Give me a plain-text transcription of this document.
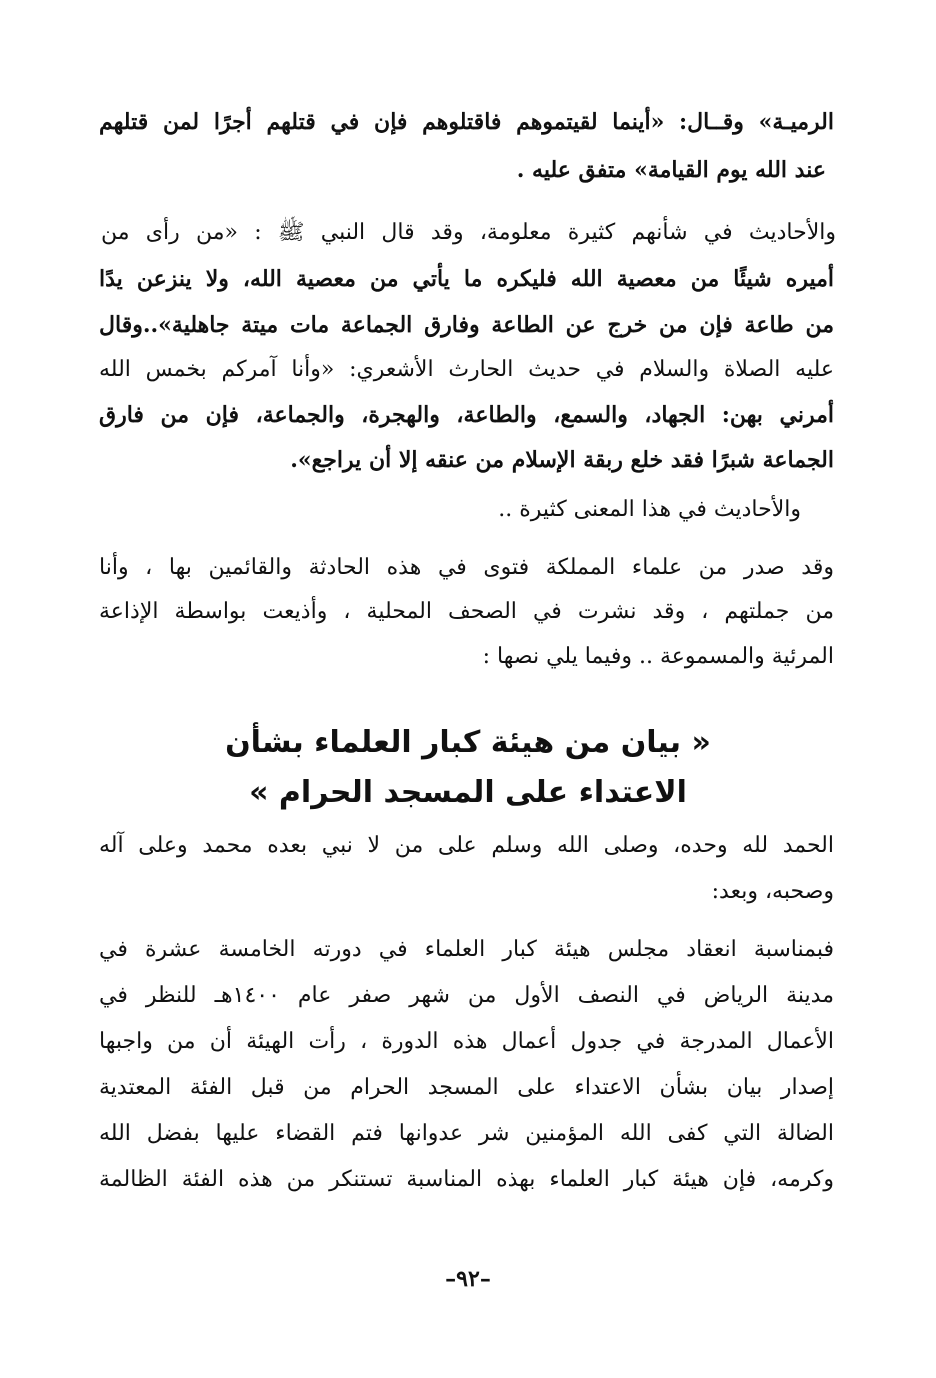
الرميـة» وقــال: «أينما لقيتموهم فاقتلوهم فإن في قتلهم أجرًا لمن قتلهم
عند الله يوم القيامة» متفق عليه .
والأحاديث في شأنهم كثيرة معلومة، وقد قال النبي ﷺ : «من رأى من
أميره شيئًا من معصية الله فليكره ما يأتي من معصية الله، ولا ينزعن يدًا
من طاعة فإن من خرج عن الطاعة وفارق الجماعة مات ميتة جاهلية»..وقال
عليه الصلاة والسلام في حديث الحارث الأشعري: «وأنا آمركم بخمس الله
أمرني بهن: الجهاد، والسمع، والطاعة، والهجرة، والجماعة، فإن من فارق
الجماعة شبرًا فقد خلع ربقة الإسلام من عنقه إلا أن يراجع».
والأحاديث في هذا المعنى كثيرة ..
وقد صدر من علماء المملكة فتوى في هذه الحادثة والقائمين بها ، وأنا
من جملتهم ، وقد نشرت في الصحف المحلية ، وأذيعت بواسطة الإذاعة
المرئية والمسموعة .. وفيما يلي نصها :
« بيان من هيئة كبار العلماء بشأن
الاعتداء على المسجد الحرام »
الحمد لله وحده، وصلى الله وسلم على من لا نبي بعده محمد وعلى آله
وصحبه، وبعد:
فبمناسبة انعقاد مجلس هيئة كبار العلماء في دورته الخامسة عشرة في
مدينة الرياض في النصف الأول من شهر صفر عام ١٤٠٠هـ للنظر في
الأعمال المدرجة في جدول أعمال هذه الدورة ، رأت الهيئة أن من واجبها
إصدار بيان بشأن الاعتداء على المسجد الحرام من قبل الفئة المعتدية
الضالة التي كفى الله المؤمنين شر عدوانها فتم القضاء عليها بفضل الله
وكرمه، فإن هيئة كبار العلماء بهذه المناسبة تستنكر من هذه الفئة الظالمة
–٩٢–
